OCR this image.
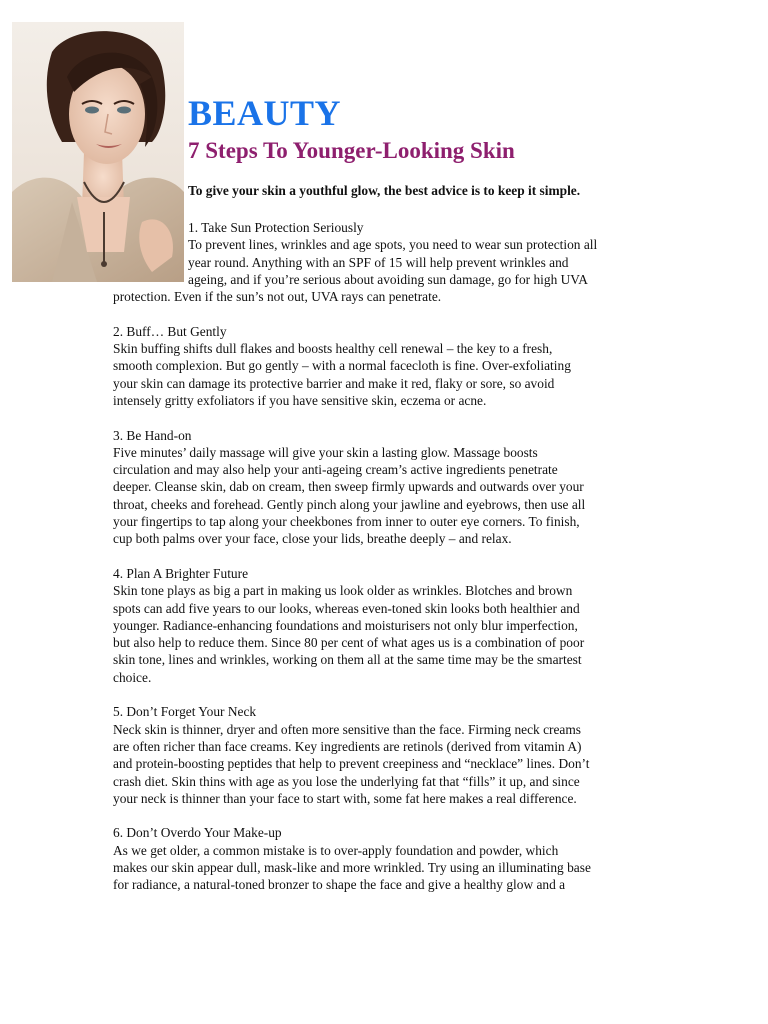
BEAUTY
7 Steps To Younger-Looking Skin
To give your skin a youthful glow, the best advice is to keep it simple.
1. Take Sun Protection Seriously
To prevent lines, wrinkles and age spots, you need to wear sun protection all
year round. Anything with an SPF of 15 will help prevent wrinkles and
ageing, and if you’re serious about avoiding sun damage, go for high UVA
protection. Even if the sun’s not out, UVA rays can penetrate.
2. Buff… But Gently
Skin buffing shifts dull flakes and boosts healthy cell renewal – the key to a fresh,
smooth complexion. But go gently – with a normal facecloth is fine. Over-exfoliating
your skin can damage its protective barrier and make it red, flaky or sore, so avoid
intensely gritty exfoliators if you have sensitive skin, eczema or acne.
3. Be Hand-on
Five minutes’ daily massage will give your skin a lasting glow. Massage boosts
circulation and may also help your anti-ageing cream’s active ingredients penetrate
deeper. Cleanse skin, dab on cream, then sweep firmly upwards and outwards over your
throat, cheeks and forehead. Gently pinch along your jawline and eyebrows, then use all
your fingertips to tap along your cheekbones from inner to outer eye corners. To finish,
cup both palms over your face, close your lids, breathe deeply – and relax.
4. Plan A Brighter Future
Skin tone plays as big a part in making us look older as wrinkles. Blotches and brown
spots can add five years to our looks, whereas even-toned skin looks both healthier and
younger. Radiance-enhancing foundations and moisturisers not only blur imperfection,
but also help to reduce them. Since 80 per cent of what ages us is a combination of poor
skin tone, lines and wrinkles, working on them all at the same time may be the smartest
choice.
5. Don’t Forget Your Neck
Neck skin is thinner, dryer and often more sensitive than the face. Firming neck creams
are often richer than face creams. Key ingredients are retinols (derived from vitamin A)
and protein-boosting peptides that help to prevent creepiness and “necklace” lines. Don’t
crash diet. Skin thins with age as you lose the underlying fat that “fills” it up, and since
your neck is thinner than your face to start with, some fat here makes a real difference.
6. Don’t Overdo Your Make-up
As we get older, a common mistake is to over-apply foundation and powder, which
makes our skin appear dull, mask-like and more wrinkled. Try using an illuminating base
for radiance, a natural-toned bronzer to shape the face and give a healthy glow and a
